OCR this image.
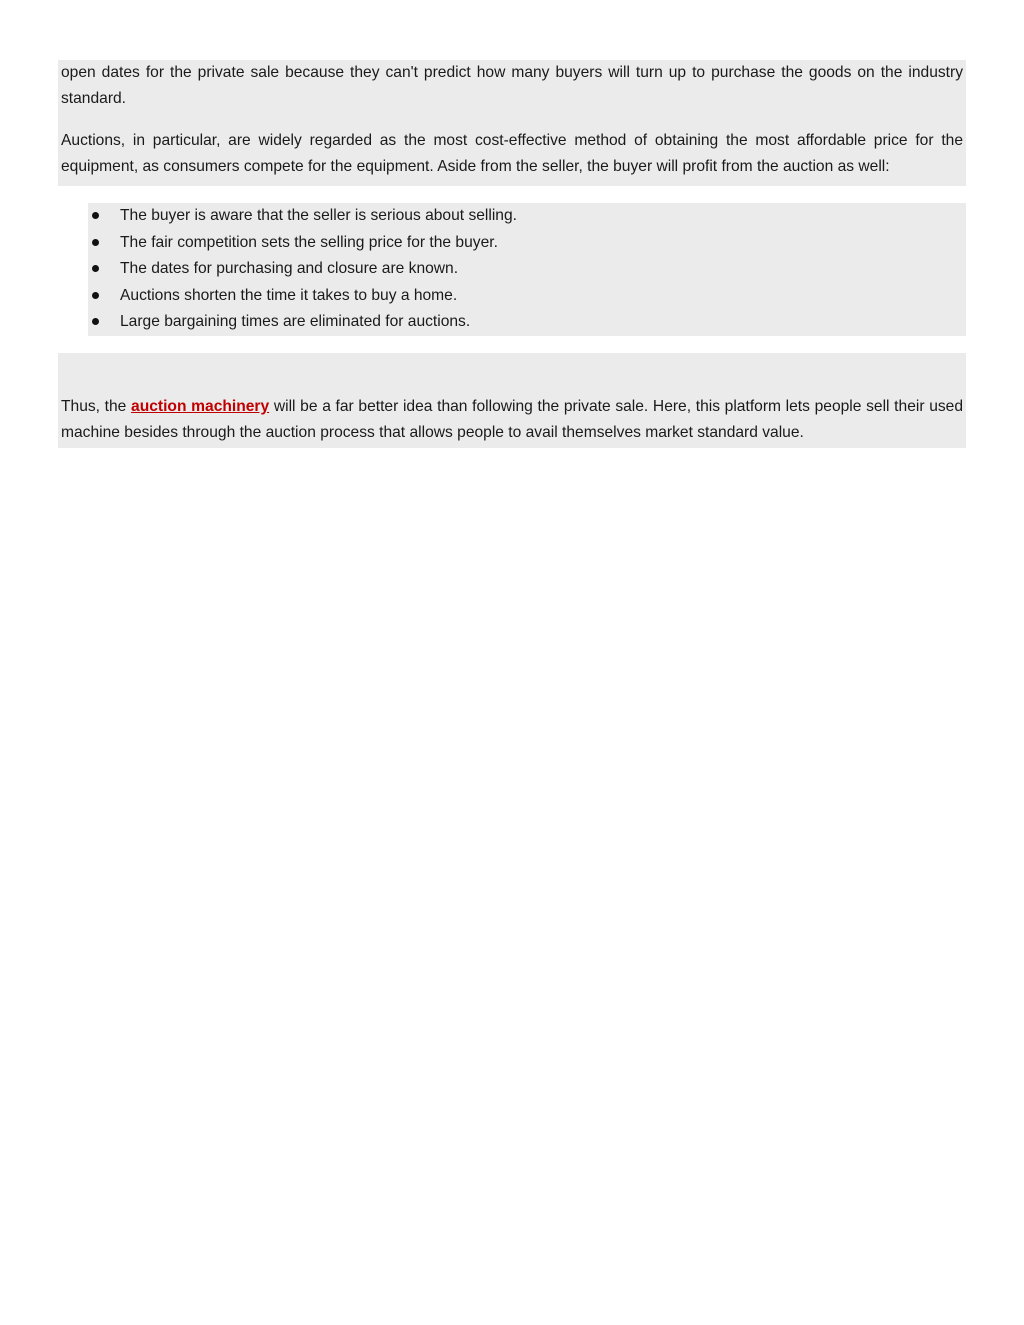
open dates for the private sale because they can't predict how many buyers will turn up to purchase the goods on the industry standard.

Auctions, in particular, are widely regarded as the most cost-effective method of obtaining the most affordable price for the equipment, as consumers compete for the equipment. Aside from the seller, the buyer will profit from the auction as well:

The buyer is aware that the seller is serious about selling.
The fair competition sets the selling price for the buyer.
The dates for purchasing and closure are known.
Auctions shorten the time it takes to buy a home.
Large bargaining times are eliminated for auctions.

Thus, the auction machinery will be a far better idea than following the private sale. Here, this platform lets people sell their used machine besides through the auction process that allows people to avail themselves market standard value.
